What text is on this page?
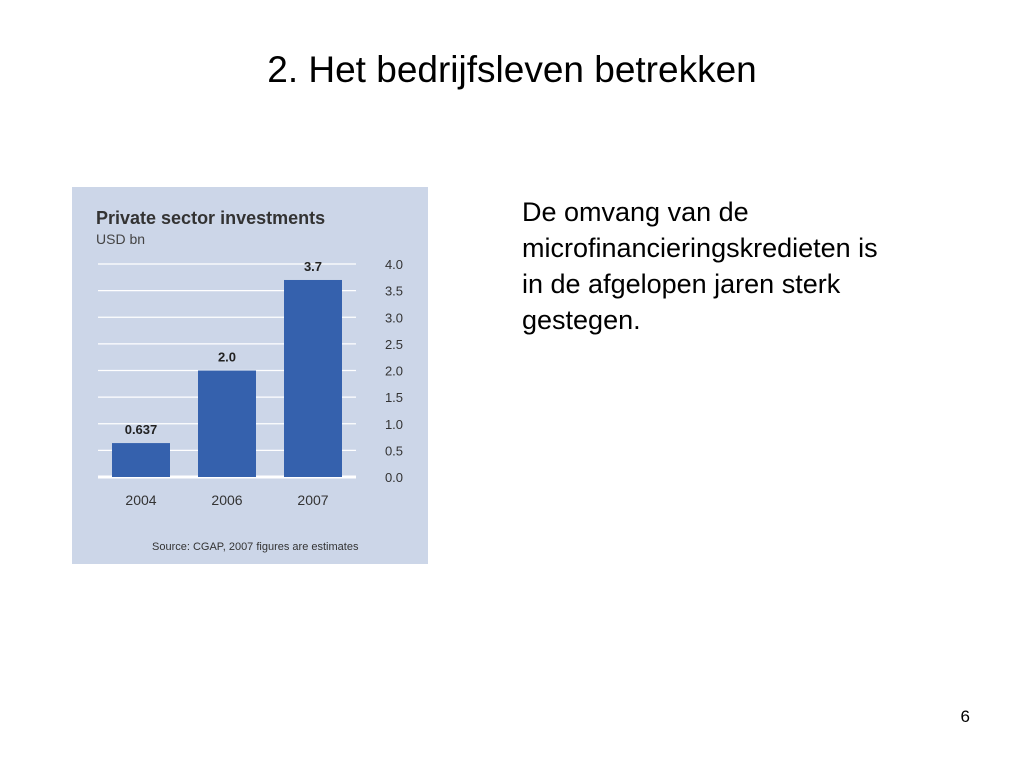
2. Het bedrijfsleven betrekken
Private sector investments
USD bn
0.637
2.0
3.7
0.0
0.5
1.0
1.5
2.0
2.5
3.0
3.5
4.0
2004	2006	2007
Source: CGAP, 2007 figures are estimates

De omvang van de

microfinancieringskredieten is

in de afgelopen jaren sterk

gestegen.

6
